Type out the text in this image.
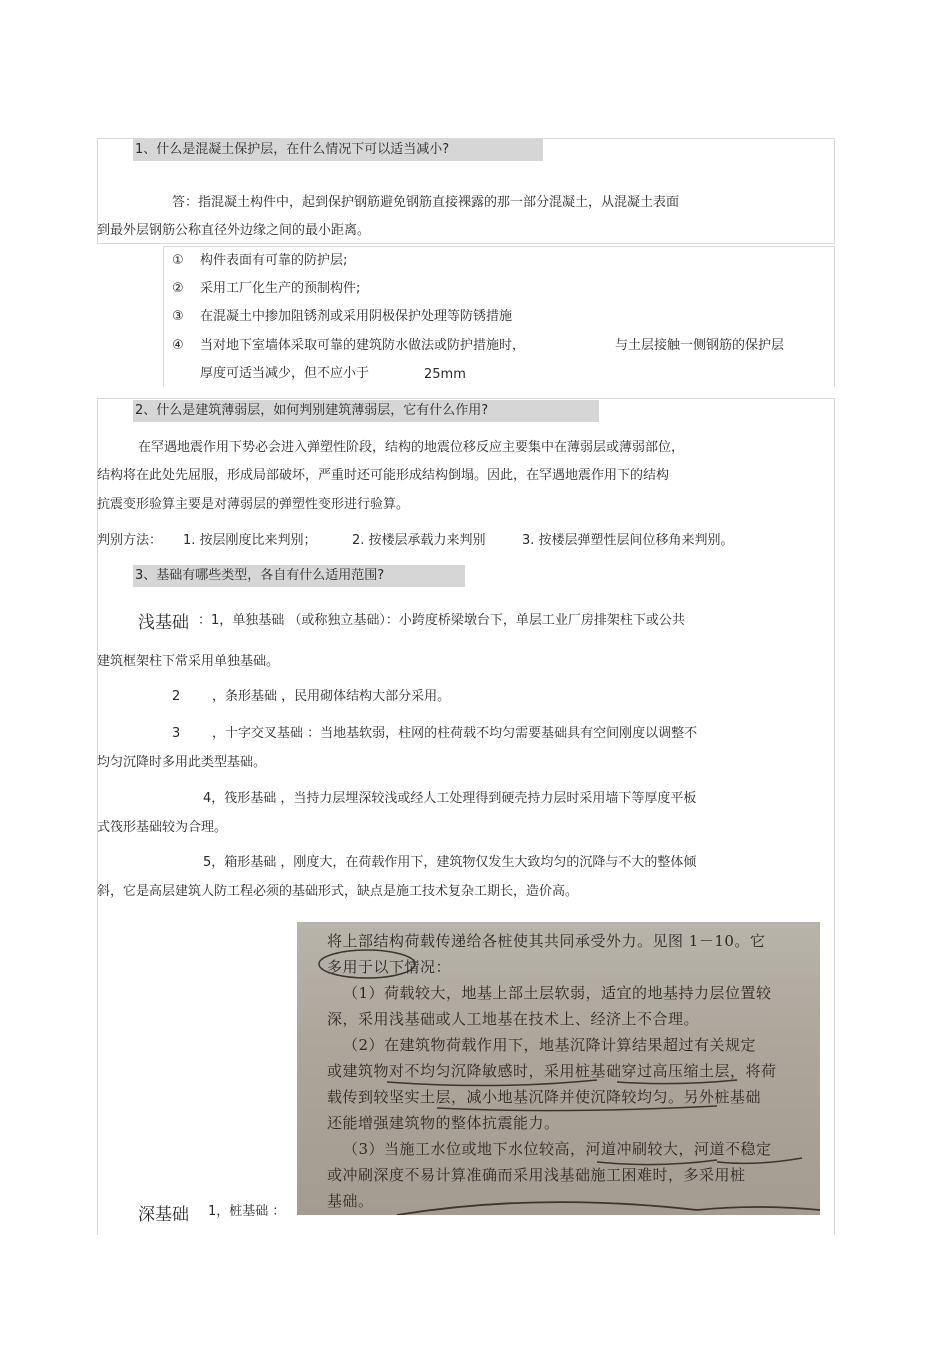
1、什么是混凝土保护层，在什么情况下可以适当减小?
答：指混凝土构件中，起到保护钢筋避免钢筋直接裸露的那一部分混凝土，从混凝土表面
到最外层钢筋公称直径外边缘之间的最小距离。
① 构件表面有可靠的防护层;
② 采用工厂化生产的预制构件;
③ 在混凝土中掺加阻锈剂或采用阴极保护处理等防锈措施
④ 当对地下室墙体采取可靠的建筑防水做法或防护措施时，	与土层接触一侧钢筋的保护层
厚度可适当减少，但不应小于	25mm
2、什么是建筑薄弱层，如何判别建筑薄弱层，它有什么作用?
在罕遇地震作用下势必会进入弹塑性阶段，结构的地震位移反应主要集中在薄弱层或薄弱部位，
结构将在此处先屈服，形成局部破坏，严重时还可能形成结构倒塌。因此，在罕遇地震作用下的结构
抗震变形验算主要是对薄弱层的弹塑性变形进行验算。
判别方法： 1. 按层刚度比来判别；	2. 按楼层承载力来判别	3. 按楼层弹塑性层间位移角来判别。
3、基础有哪些类型，各自有什么适用范围?
浅基础 ：1，单独基础 （或称独立基础）：小跨度桥梁墩台下，单层工业厂房排架柱下或公共
建筑框架柱下常采用单独基础。
2 ，条形基础 ，民用砌体结构大部分采用。
3 ，十字交叉基础 ：当地基软弱，柱网的柱荷载不均匀需要基础具有空间刚度以调整不
均匀沉降时多用此类型基础。
4，筏形基础 ，当持力层埋深较浅或经人工处理得到硬壳持力层时采用墙下等厚度平板
式筏形基础较为合理。
5，箱形基础 ，刚度大，在荷载作用下，建筑物仅发生大致均匀的沉降与不大的整体倾
斜，它是高层建筑人防工程必须的基础形式，缺点是施工技术复杂工期长，造价高。
将上部结构荷载传递给各桩使其共同承受外力。见图 1－10。它
多用于以下情况：
（1）荷载较大，地基上部土层软弱，适宜的地基持力层位置较
深，采用浅基础或人工地基在技术上、经济上不合理。
（2）在建筑物荷载作用下，地基沉降计算结果超过有关规定
或建筑物对不均匀沉降敏感时，采用桩基础穿过高压缩土层，将荷
载传到较坚实土层，减小地基沉降并使沉降较均匀。另外桩基础
还能增强建筑物的整体抗震能力。
（3）当施工水位或地下水位较高，河道冲刷较大，河道不稳定
或冲刷深度不易计算准确而采用浅基础施工困难时，多采用桩
基础。
深基础 1，桩基础 ：
